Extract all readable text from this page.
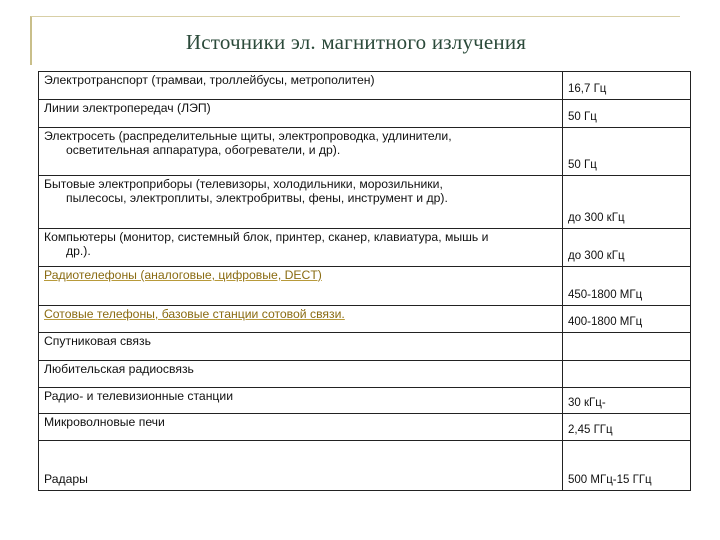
Источники эл. магнитного излучения
Электротранспорт (трамваи, троллейбусы, метрополитен)	16,7 Гц
Линии электропередач (ЛЭП)	50 Гц
Электросеть (распределительные щиты, электропроводка, удлинители,
осветительная аппаратура, обогреватели, и др).	50 Гц
Бытовые электроприборы (телевизоры, холодильники, морозильники,
пылесосы, электроплиты, электробритвы, фены, инструмент и др).	до 300 кГц
Компьютеры (монитор, системный блок, принтер, сканер, клавиатура, мышь и
др.).	до 300 кГц
Радиотелефоны (аналоговые, цифровые, DECT)	450-1800 МГц
Сотовые телефоны, базовые станции сотовой связи.	400-1800 МГц
Спутниковая связь	
Любительская радиосвязь	
Радио- и телевизионные станции	30 кГц-
Микроволновые печи	2,45 ГГц
Радары	500 МГц-15 ГГц
